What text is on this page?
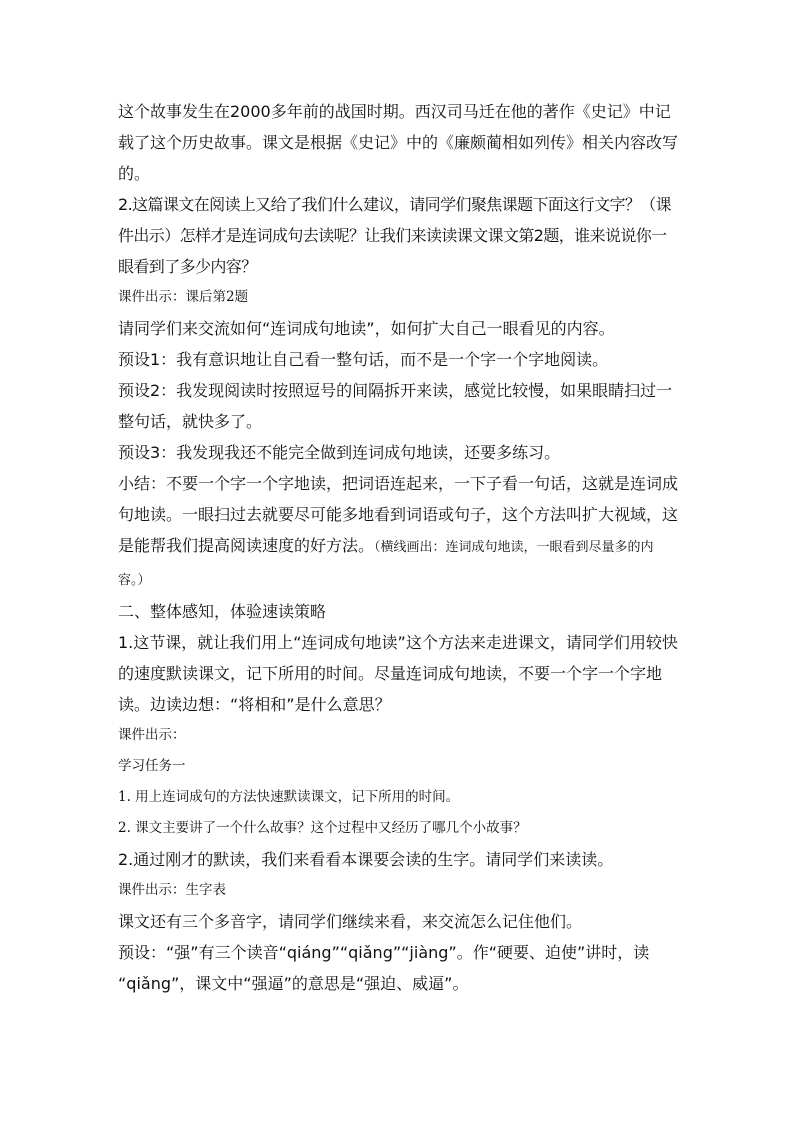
这个故事发生在2000多年前的战国时期。西汉司马迁在他的著作《史记》中记载了这个历史故事。课文是根据《史记》中的《廉颇蔺相如列传》相关内容改写的。

2.这篇课文在阅读上又给了我们什么建议，请同学们聚焦课题下面这行文字？（课件出示）怎样才是连词成句去读呢？让我们来读读课文课文第2题，谁来说说你一眼看到了多少内容？

课件出示：课后第2题

请同学们来交流如何“连词成句地读”，如何扩大自己一眼看见的内容。

预设1：我有意识地让自己看一整句话，而不是一个字一个字地阅读。

预设2：我发现阅读时按照逗号的间隔拆开来读，感觉比较慢，如果眼睛扫过一整句话，就快多了。

预设3：我发现我还不能完全做到连词成句地读，还要多练习。

小结：不要一个字一个字地读，把词语连起来，一下子看一句话，这就是连词成句地读。一眼扫过去就要尽可能多地看到词语或句子，这个方法叫扩大视域，这是能帮我们提高阅读速度的好方法。（横线画出：连词成句地读，一眼看到尽量多的内容。）

二、整体感知，体验速读策略

1.这节课，就让我们用上“连词成句地读”这个方法来走进课文，请同学们用较快的速度默读课文，记下所用的时间。尽量连词成句地读，不要一个字一个字地读。边读边想：“将相和”是什么意思？

课件出示：

学习任务一

1. 用上连词成句的方法快速默读课文，记下所用的时间。

2. 课文主要讲了一个什么故事？这个过程中又经历了哪几个小故事？

2.通过刚才的默读，我们来看看本课要会读的生字。请同学们来读读。

课件出示：生字表

课文还有三个多音字，请同学们继续来看，来交流怎么记住他们。

预设：“强”有三个读音“qiáng”“qiǎng”“jiàng”。作“硬要、迫使”讲时，读 “qiǎng”，课文中“强逼”的意思是“强迫、威逼”。
